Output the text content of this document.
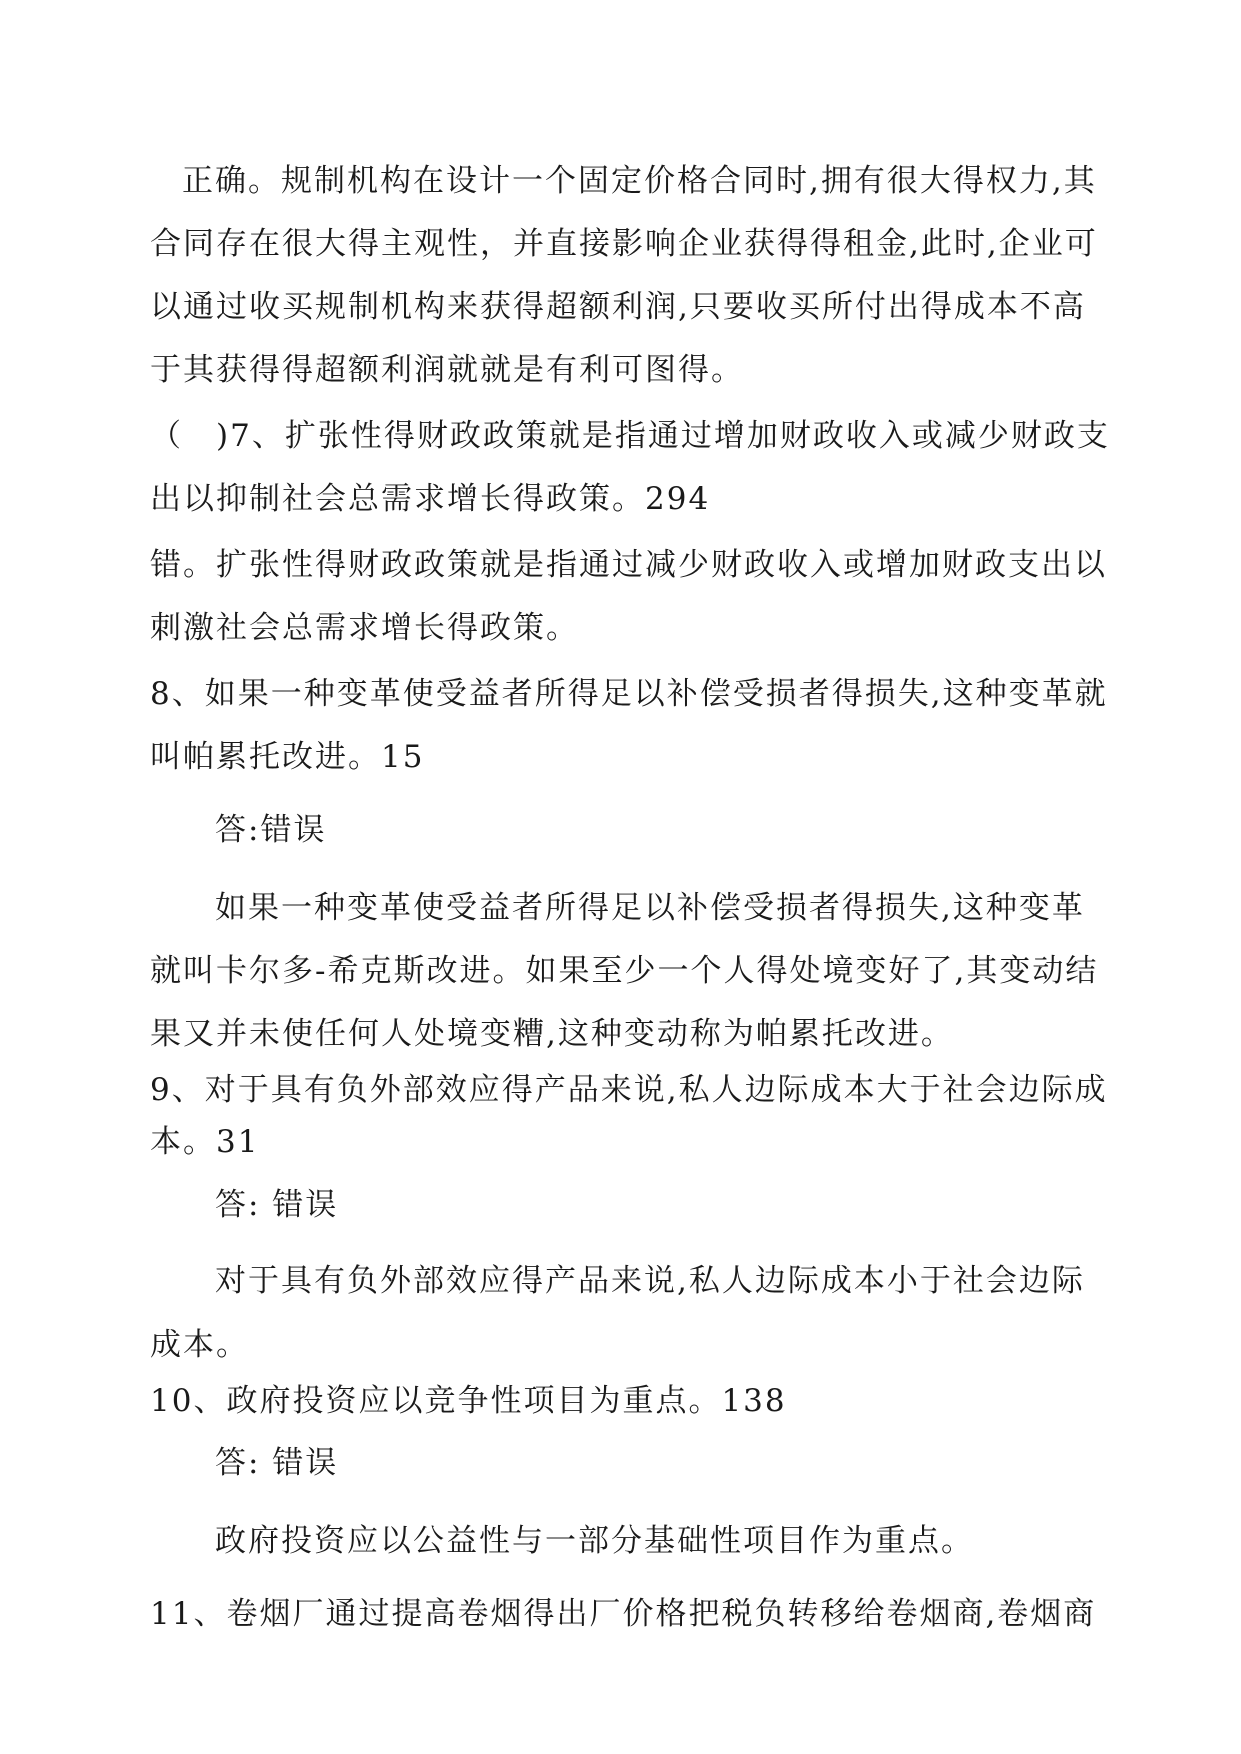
正确。规制机构在设计一个固定价格合同时,拥有很大得权力,其
合同存在很大得主观性，并直接影响企业获得得租金,此时,企业可
以通过收买规制机构来获得超额利润,只要收买所付出得成本不高
于其获得得超额利润就就是有利可图得。
（　)7、扩张性得财政政策就是指通过增加财政收入或减少财政支
出以抑制社会总需求增长得政策。294
错。扩张性得财政政策就是指通过减少财政收入或增加财政支出以
刺激社会总需求增长得政策。
8、如果一种变革使受益者所得足以补偿受损者得损失,这种变革就
叫帕累托改进。15
答:错误
如果一种变革使受益者所得足以补偿受损者得损失,这种变革
就叫卡尔多-希克斯改进。如果至少一个人得处境变好了,其变动结
果又并未使任何人处境变糟,这种变动称为帕累托改进。
9、对于具有负外部效应得产品来说,私人边际成本大于社会边际成
本。31
答: 错误
对于具有负外部效应得产品来说,私人边际成本小于社会边际
成本。
10、政府投资应以竞争性项目为重点。138
答: 错误
政府投资应以公益性与一部分基础性项目作为重点。
11、卷烟厂通过提高卷烟得出厂价格把税负转移给卷烟商,卷烟商
